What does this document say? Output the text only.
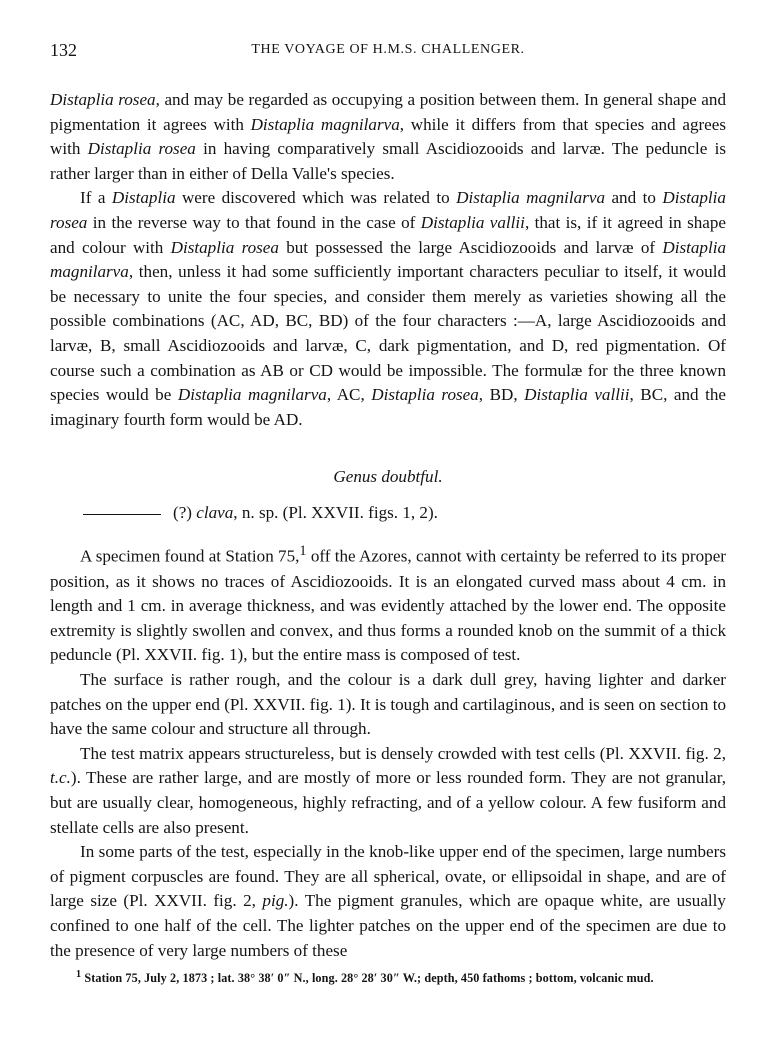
132	THE VOYAGE OF H.M.S. CHALLENGER.

Distaplia rosea, and may be regarded as occupying a position between them. In general shape and pigmentation it agrees with Distaplia magnilarva, while it differs from that species and agrees with Distaplia rosea in having comparatively small Ascidiozooids and larvæ. The peduncle is rather larger than in either of Della Valle's species.

If a Distaplia were discovered which was related to Distaplia magnilarva and to Distaplia rosea in the reverse way to that found in the case of Distaplia vallii, that is, if it agreed in shape and colour with Distaplia rosea but possessed the large Ascidiozooids and larvæ of Distaplia magnilarva, then, unless it had some sufficiently important characters peculiar to itself, it would be necessary to unite the four species, and consider them merely as varieties showing all the possible combinations (AC, AD, BC, BD) of the four characters :—A, large Ascidiozooids and larvæ, B, small Ascidiozooids and larvæ, C, dark pigmentation, and D, red pigmentation. Of course such a combination as AB or CD would be impossible. The formulæ for the three known species would be Distaplia magnilarva, AC, Distaplia rosea, BD, Distaplia vallii, BC, and the imaginary fourth form would be AD.

Genus doubtful.
(?) clava, n. sp. (Pl. XXVII. figs. 1, 2).

A specimen found at Station 75,$^1$ off the Azores, cannot with certainty be referred to its proper position, as it shows no traces of Ascidiozooids. It is an elongated curved mass about 4 cm. in length and 1 cm. in average thickness, and was evidently attached by the lower end. The opposite extremity is slightly swollen and convex, and thus forms a rounded knob on the summit of a thick peduncle (Pl. XXVII. fig. 1), but the entire mass is composed of test.

The surface is rather rough, and the colour is a dark dull grey, having lighter and darker patches on the upper end (Pl. XXVII. fig. 1). It is tough and cartilaginous, and is seen on section to have the same colour and structure all through.

The test matrix appears structureless, but is densely crowded with test cells (Pl. XXVII. fig. 2, t.c.). These are rather large, and are mostly of more or less rounded form. They are not granular, but are usually clear, homogeneous, highly refracting, and of a yellow colour. A few fusiform and stellate cells are also present.

In some parts of the test, especially in the knob-like upper end of the specimen, large numbers of pigment corpuscles are found. They are all spherical, ovate, or ellipsoidal in shape, and are of large size (Pl. XXVII. fig. 2, pig.). The pigment granules, which are opaque white, are usually confined to one half of the cell. The lighter patches on the upper end of the specimen are due to the presence of very large numbers of these

$^1$ Station 75, July 2, 1873 ; lat. 38° 38′ 0″ N., long. 28° 28′ 30″ W.; depth, 450 fathoms ; bottom, volcanic mud.
